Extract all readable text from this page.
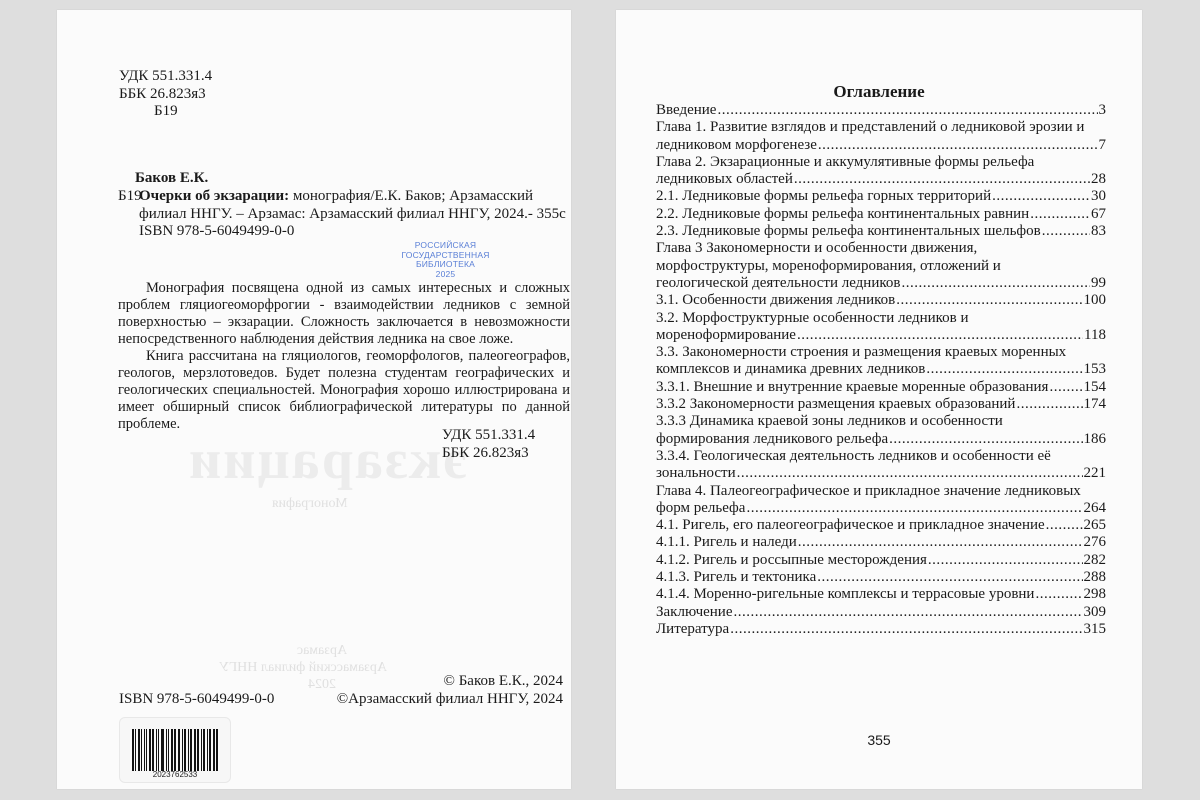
экзарации
Монография
Арзамас
Арзамасский филиал ННГУ
2024
УДК 551.331.4
ББК 26.823я3
Б19
Баков Е.К.
Б19
Очерки об экзарации: монография/Е.К. Баков; Арзамасский филиал ННГУ. – Арзамас: Арзамасский филиал ННГУ, 2024.- 355с
ISBN 978-5-6049499-0-0
РОССИЙСКАЯ
ГОСУДАРСТВЕННАЯ
БИБЛИОТЕКА
2025

Монография посвящена одной из самых интересных и сложных проблем гляциогеоморфрогии - взаимодействии ледников с земной поверхностью – экзарации. Сложность заключается в невозможности непосредственного наблюдения действия ледника на свое ложе.

Книга рассчитана на гляциологов, геоморфологов, палеогеографов, геологов, мерзлотоведов. Будет полезна студентам географических и геологических специальностей. Монография хорошо иллюстрирована и имеет обширный список библиографической литературы по данной проблеме.

УДК 551.331.4
ББК 26.823я3
ISBN 978-5-6049499-0-0
© Баков Е.К., 2024
©Арзамасский филиал ННГУ, 2024
2023762533
Оглавление
Введение .....	3
Глава 1. Развитие взглядов и представлений о ледниковой эрозии и
ледниковом морфогенезе .....	7
Глава 2. Экзарационные и аккумулятивные формы рельефа
ледниковых областей .....	28
2.1. Ледниковые формы рельефа горных территорий .....	30
2.2. Ледниковые формы рельефа континентальных равнин .....	67
2.3. Ледниковые формы рельефа континентальных шельфов .....	83
Глава 3 Закономерности и особенности движения,
морфоструктуры, мореноформирования, отложений и
геологической деятельности ледников .....	99
3.1. Особенности движения ледников .....	100
3.2. Морфоструктурные особенности ледников и
мореноформирование .....	118
3.3. Закономерности строения и размещения краевых моренных
комплексов и динамика древних ледников .....	153
3.3.1. Внешние и внутренние краевые моренные образования ..... 154
3.3.2 Закономерности размещения краевых образований .....	174
3.3.3 Динамика краевой зоны ледников и особенности
формирования ледникового рельефа .....	186
3.3.4. Геологическая деятельность ледников и особенности её
зональности .....	221
Глава 4. Палеогеографическое и прикладное значение ледниковых
форм рельефа .....	264
4.1. Ригель, его палеогеографическое и прикладное значение .....	265
4.1.1. Ригель и наледи .....	276
4.1.2. Ригель и россыпные месторождения .....	282
4.1.3. Ригель и тектоника .....	288
4.1.4. Моренно-ригельные комплексы и террасовые уровни .....	298
Заключение .....	309
Литература .....	315
355
